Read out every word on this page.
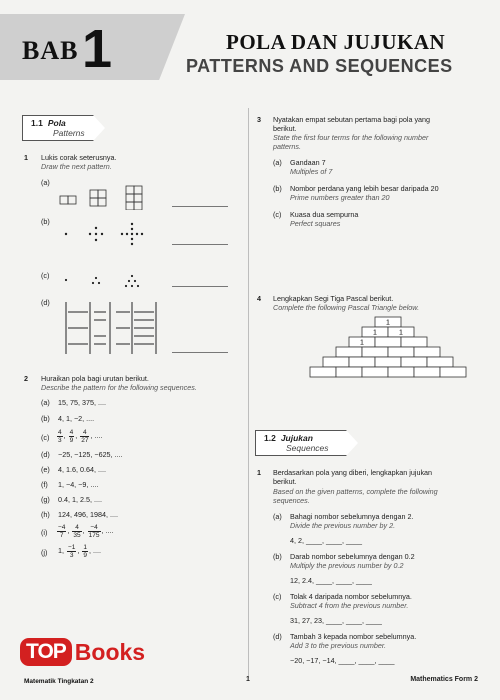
BAB 1	POLA DAN JUJUKAN
PATTERNS AND SEQUENCES
1.1 Pola
Patterns
1 Lukis corak seterusnya.
Draw the next pattern.
(a)
(b)
(c)
(d)
2 Huraikan pola bagi urutan berikut.
Describe the pattern for the following sequences.
(a) 15, 75, 375, ....
(b) 4, 1, −2, ....
$(c) \frac{4}{3}$ , $\frac{4}{9}$ , $\frac{4}{27}$ , ....
(d) −25, −125, −625, ....
(e) 4, 1.6, 0.64, ....
(f) 1, −4, −9, ....
(g) 0.4, 1, 2.5, ....
(h) 124, 496, 1984, ....
$(i) \frac{-4}{7}$ , $\frac{4}{35}$ , $\frac{-4}{175}$ , ....
(j) 1, $\frac{-1}{3}$ , $\frac{1}{9}$ , ....
3 Nyatakan empat sebutan pertama bagi pola yang
berikut.
State the first four terms for the following number
patterns.
(a) Gandaan 7
Multiples of 7
(b) Nombor perdana yang lebih besar daripada 20
Prime numbers greater than 20
(c) Kuasa dua sempurna
Perfect squares
4 Lengkapkan Segi Tiga Pascal berikut.
Complete the following Pascal Triangle below.
1
1	1
1
1.2 Jujukan
Sequences
1 Berdasarkan pola yang diberi, lengkapkan jujukan
berikut.
Based on the given patterns, complete the following
sequences.
(a) Bahagi nombor sebelumnya dengan 2.
Divide the previous number by 2.
4, 2, ____, ____, ____
(b) Darab nombor sebelumnya dengan 0.2
Multiply the previous number by 0.2
12, 2.4, ____, ____, ____
(c) Tolak 4 daripada nombor sebelumnya.
Subtract 4 from the previous number.
31, 27, 23, ____, ____, ____
(d) Tambah 3 kepada nombor sebelumnya.
Add 3 to the previous number.
−20, −17, −14, ____, ____, ____
TOP Books
Matematik Tingkatan 2	1	Mathematics Form 2
